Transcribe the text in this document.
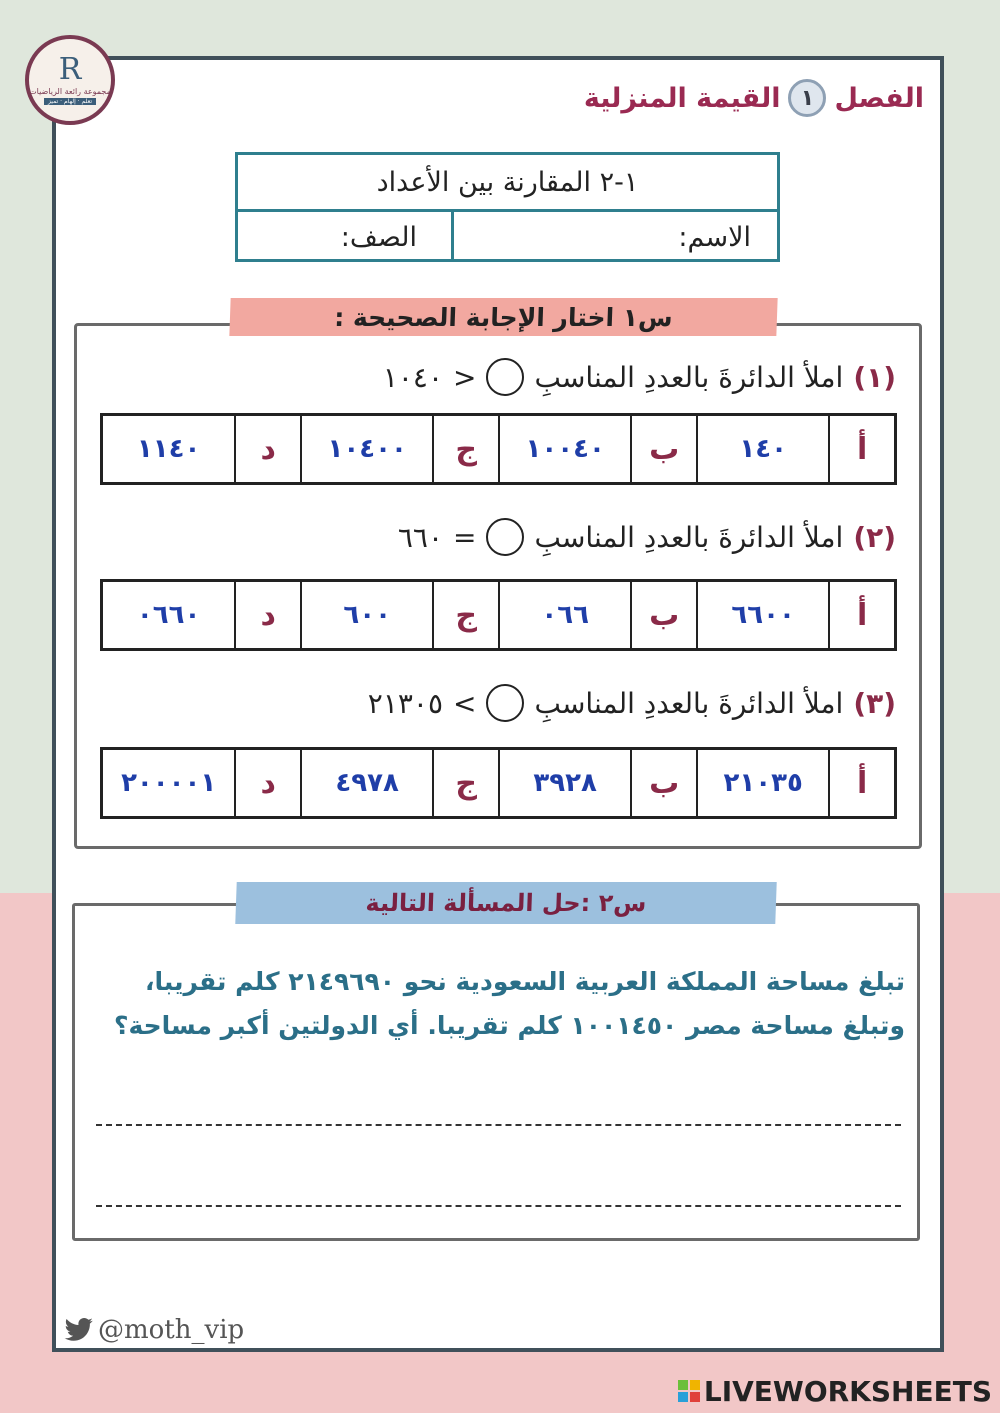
R
مجموعة رائعة الرياضيات
تعلم · إلهام · تميز	الفصل
١
القيمة المنزلية
١-٢ المقارنة بين الأعداد
الاسم:
الصف:
س١ اختار الإجابة الصحيحة :
(١)
املأ الدائرةَ بالعددِ المناسبِ
<
١٠٤٠
أ
١٤٠
ب
١٠٠٤٠
ج
١٠٤٠٠
د
١١٤٠
(٢)
املأ الدائرةَ بالعددِ المناسبِ
=
٦٦٠
أ
٦٦٠٠
ب
٠٦٦
ج
٦٠٠
د
٠٦٦٠
(٣)
املأ الدائرةَ بالعددِ المناسبِ
>
٢١٣٠٥
أ
٢١٠٣٥
ب
٣٩٢٨
ج
٤٩٧٨
د
٢٠٠٠٠١
س٢ :حل المسألة التالية
تبلغ مساحة المملكة العربية السعودية نحو ٢١٤٩٦٩٠ كلم تقريبا،
وتبلغ مساحة مصر ١٠٠١٤٥٠ كلم تقريبا. أي الدولتين أكبر مساحة؟
@moth_vip
LIVEWORKSHEETS
